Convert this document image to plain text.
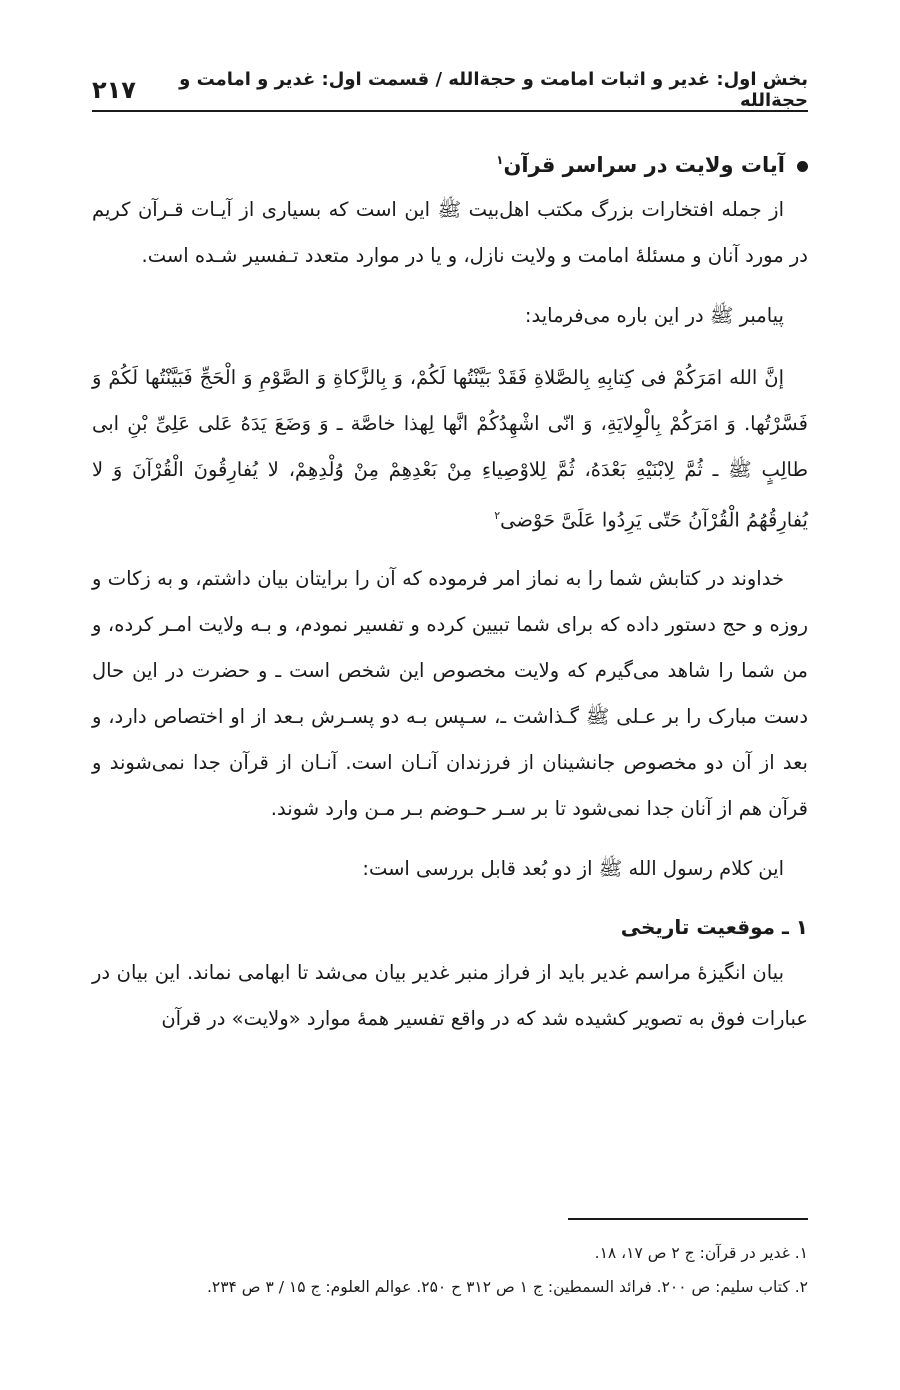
بخش اول: غدیر و اثبات امامت و حجةالله / قسمت اول: غدیر و امامت و حجةالله
۲۱۷

آیات ولایت در سراسر قرآن$^۱$

از جمله افتخارات بزرگ مکتب اهل‌بیت ﷺ این است که بسیاری از آیـات قـرآن کریم در مورد آنان و مسئلهٔ امامت و ولایت نازل، و یا در موارد متعدد تـفسیر شـده است.

پیامبر ﷺ در این باره می‌فرماید:

إنَّ الله امَرَكُمْ فی كِتابِهِ بِالصَّلاةِ فَقَدْ بَیَّنْتُها لَكُمْ، وَ بِالزَّكاةِ وَ الصَّوْمِ وَ الْحَجِّ فَبَیَّنْتُها لَكُمْ وَ فَسَّرْتُها. وَ امَرَكُمْ بِالْوِلایَةِ، وَ انّی اشْهِدُكُمْ انَّها لِهذا خاصَّة ـ وَ وَضَعَ یَدَهُ عَلی عَلِیِّ بْنِ ابی طالِبٍ ﷺ ـ ثُمَّ لِابْنَیْهِ بَعْدَهُ، ثُمَّ لِلاوْصِیاءِ مِنْ بَعْدِهِمْ مِنْ وُلْدِهِمْ، لا یُفارِقُونَ الْقُرْآنَ وَ لا یُفارِقُهُمُ الْقُرْآنُ حَتّی یَرِدُوا عَلَیَّ حَوْضی$^۲$

خداوند در کتابش شما را به نماز امر فرموده که آن را برایتان بیان داشتم، و به زکات و روزه و حج دستور داده که برای شما تبیین کرده و تفسیر نمودم، و بـه ولایت امـر کرده، و من شما را شاهد می‌گیرم که ولایت مخصوص این شخص است ـ و حضرت در این حال دست مبارک را بر عـلی ﷺ گـذاشت ـ، سـپس بـه دو پسـرش بـعد از او اختصاص دارد، و بعد از آن دو مخصوص جانشینان از فرزندان آنـان است. آنـان از قرآن جدا نمی‌شوند و قرآن هم از آنان جدا نمی‌شود تا بر سـر حـوضم بـر مـن وارد شوند.

این کلام رسول الله ﷺ از دو بُعد قابل بررسی است:

۱ ـ موقعیت تاریخی

بیان انگیزهٔ مراسم غدیر باید از فراز منبر غدیر بیان می‌شد تا ابهامی نماند. این بیان در عبارات فوق به تصویر کشیده شد که در واقع تفسیر همهٔ موارد «ولایت» در قرآن

۱. غدیر در قرآن: ج ۲ ص ۱۷، ۱۸.

۲. کتاب سلیم: ص ۲۰۰. فرائد السمطین: ج ۱ ص ۳۱۲ ح ۲۵۰. عوالم العلوم: ج ۱۵ / ۳ ص ۲۳۴.
